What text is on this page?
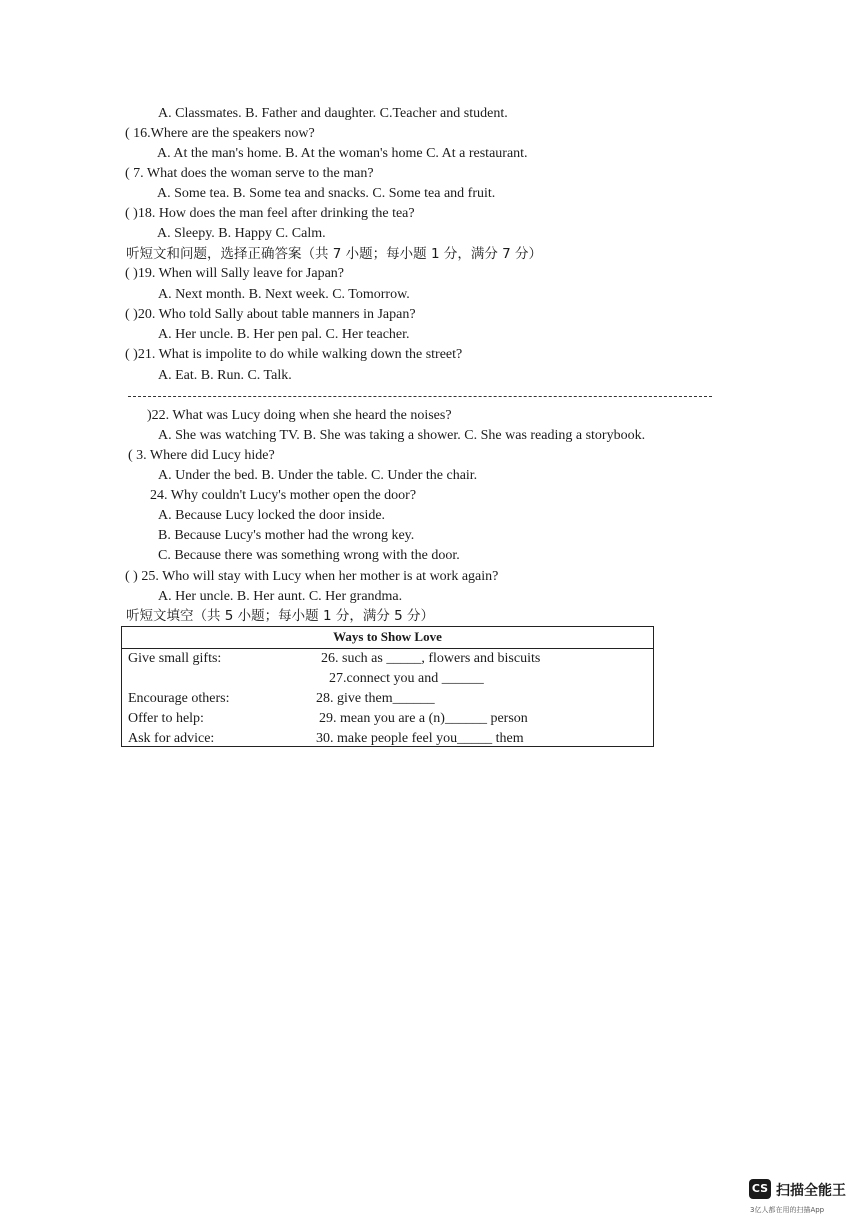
A. Classmates. B. Father and daughter. C.Teacher and student.
( 16.Where are the speakers now?
A. At the man's home. B. At the woman's home C. At a restaurant.
( 7. What does the woman serve to the man?
A. Some tea. B. Some tea and snacks. C. Some tea and fruit.
( )18. How does the man feel after drinking the tea?
A. Sleepy. B. Happy C. Calm.
听短文和问题，选择正确答案（共 7 小题；每小题 1 分，满分 7 分）
( )19. When will Sally leave for Japan?
A. Next month. B. Next week. C. Tomorrow.
( )20. Who told Sally about table manners in Japan?
A. Her uncle. B. Her pen pal. C. Her teacher.
( )21. What is impolite to do while walking down the street?
A. Eat. B. Run. C. Talk.
)22. What was Lucy doing when she heard the noises?
A. She was watching TV. B. She was taking a shower. C. She was reading a storybook.
( 3. Where did Lucy hide?
A. Under the bed. B. Under the table. C. Under the chair.
24. Why couldn't Lucy's mother open the door?
A. Because Lucy locked the door inside.
B. Because Lucy's mother had the wrong key.
C. Because there was something wrong with the door.
( ) 25. Who will stay with Lucy when her mother is at work again?
A. Her uncle. B. Her aunt. C. Her grandma.
听短文填空（共 5 小题；每小题 1 分，满分 5 分）
Ways to Show Love
Give small gifts:	26. such as _____, flowers and biscuits
27.connect you and ______
Encourage others:	28. give them______
Offer to help:	29. mean you are a (n)______ person
Ask for advice:	30. make people feel you_____ them
CS 扫描全能王
3亿人都在用的扫描App
